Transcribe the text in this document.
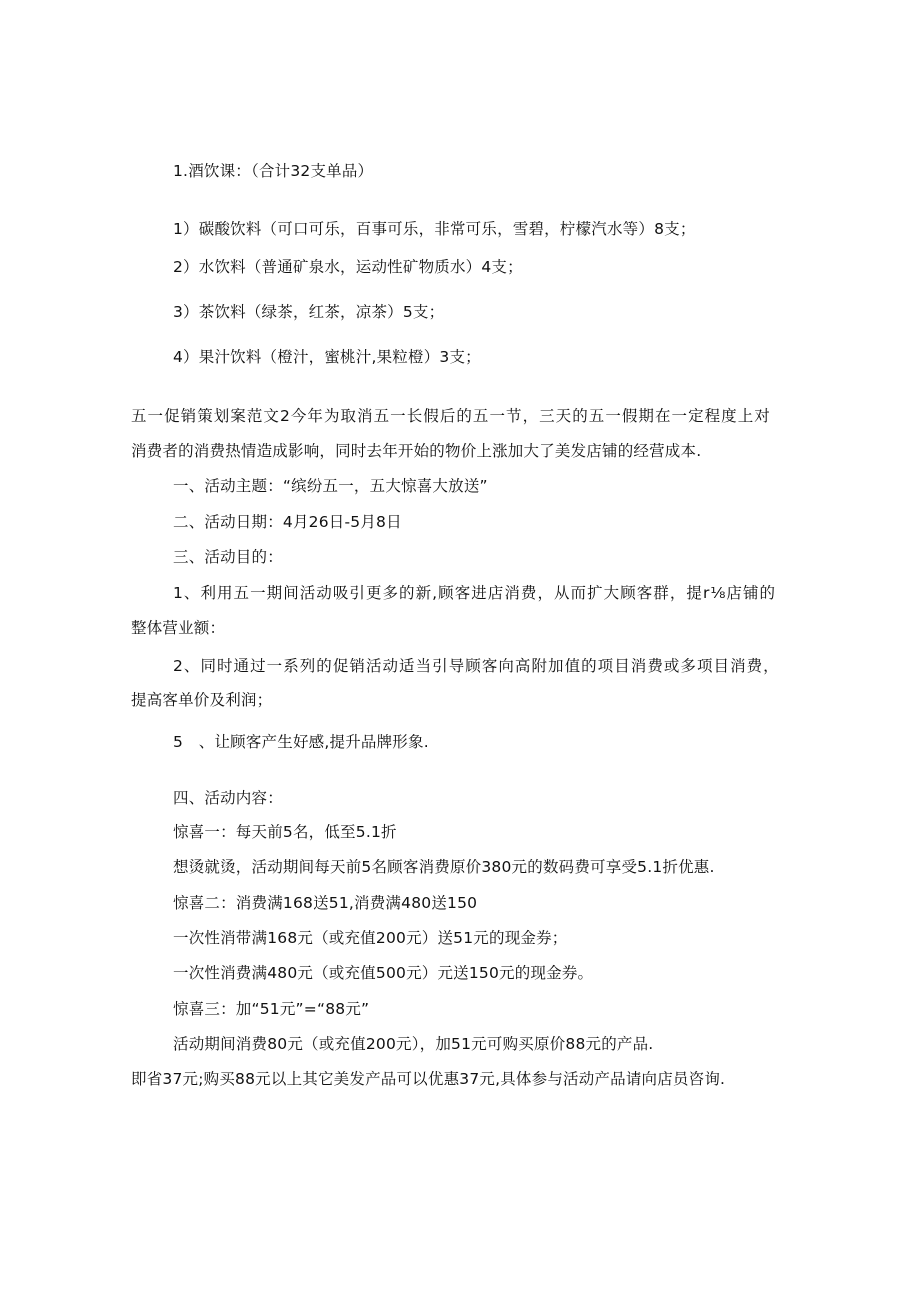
1.酒饮课：（合计32支单品）
1）碳酸饮料（可口可乐，百事可乐，非常可乐，雪碧，柠檬汽水等）8支；
2）水饮料（普通矿泉水，运动性矿物质水）4支；
3）茶饮料（绿茶，红茶，凉茶）5支；
4）果汁饮料（橙汁，蜜桃汁,果粒橙）3支；
五一促销策划案范文2今年为取消五一长假后的五一节，三天的五一假期在一定程度上对
消费者的消费热情造成影响，同时去年开始的物价上涨加大了美发店铺的经营成本.
一、活动主题：“缤纷五一，五大惊喜大放送”
二、活动日期：4月26日-5月8日
三、活动目的：
1、利用五一期间活动吸引更多的新,顾客进店消费，从而扩大顾客群，提r⅛店铺的
整体营业额：
2、同时通过一系列的促销活动适当引导顾客向高附加值的项目消费或多项目消费，
提高客单价及利润；
5　、让顾客产生好感,提升品牌形象.
四、活动内容：
惊喜一：每天前5名，低至5.1折
想烫就烫，活动期间每天前5名顾客消费原价380元的数码费可享受5.1折优惠.
惊喜二：消费满168送51,消费满480送150
一次性消带满168元（或充值200元）送51元的现金券；
一次性消费满480元（或充值500元）元送150元的现金券。
惊喜三：加“51元”=“88元”
活动期间消费80元（或充值200元），加51元可购买原价88元的产品.
即省37元;购买88元以上其它美发产品可以优惠37元,具体参与活动产品请向店员咨询.
